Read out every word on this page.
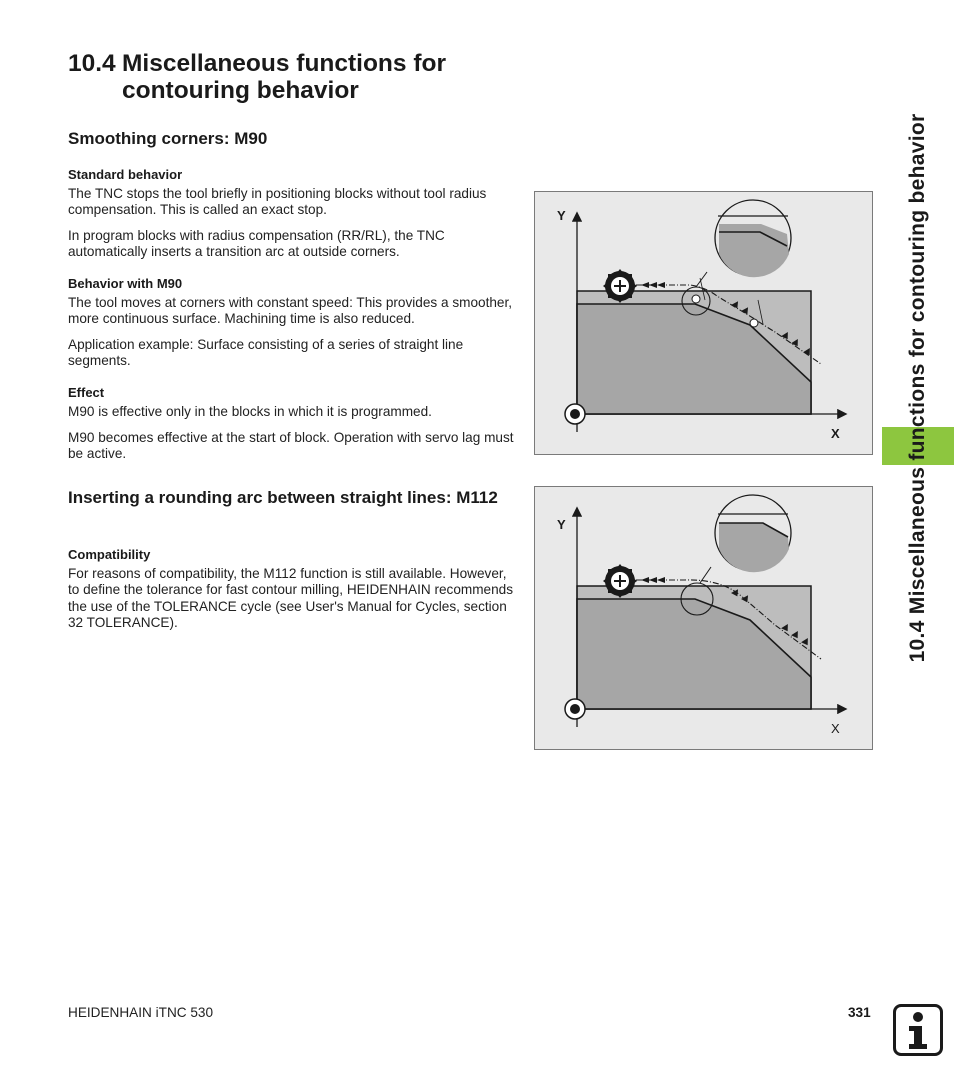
10.4 Miscellaneous functions for
contouring behavior
Smoothing corners: M90
Standard behavior

The TNC stops the tool briefly in positioning blocks without tool radius compensation. This is called an exact stop.

In program blocks with radius compensation (RR/RL), the TNC automatically inserts a transition arc at outside corners.

Behavior with M90

The tool moves at corners with constant speed: This provides a smoother, more continuous surface. Machining time is also reduced.

Application example: Surface consisting of a series of straight line segments.

Effect

M90 is effective only in the blocks in which it is programmed.

M90 becomes effective at the start of block. Operation with servo lag must be active.

Inserting a rounding arc between straight lines: M112
Compatibility

For reasons of compatibility, the M112 function is still available. However, to define the tolerance for fast contour milling, HEIDENHAIN recommends the use of the TOLERANCE cycle (see User's Manual for Cycles, section 32 TOLERANCE).

Y
X
Y
X
10.4 Miscellaneous functions for contouring behavior
HEIDENHAIN iTNC 530	331
